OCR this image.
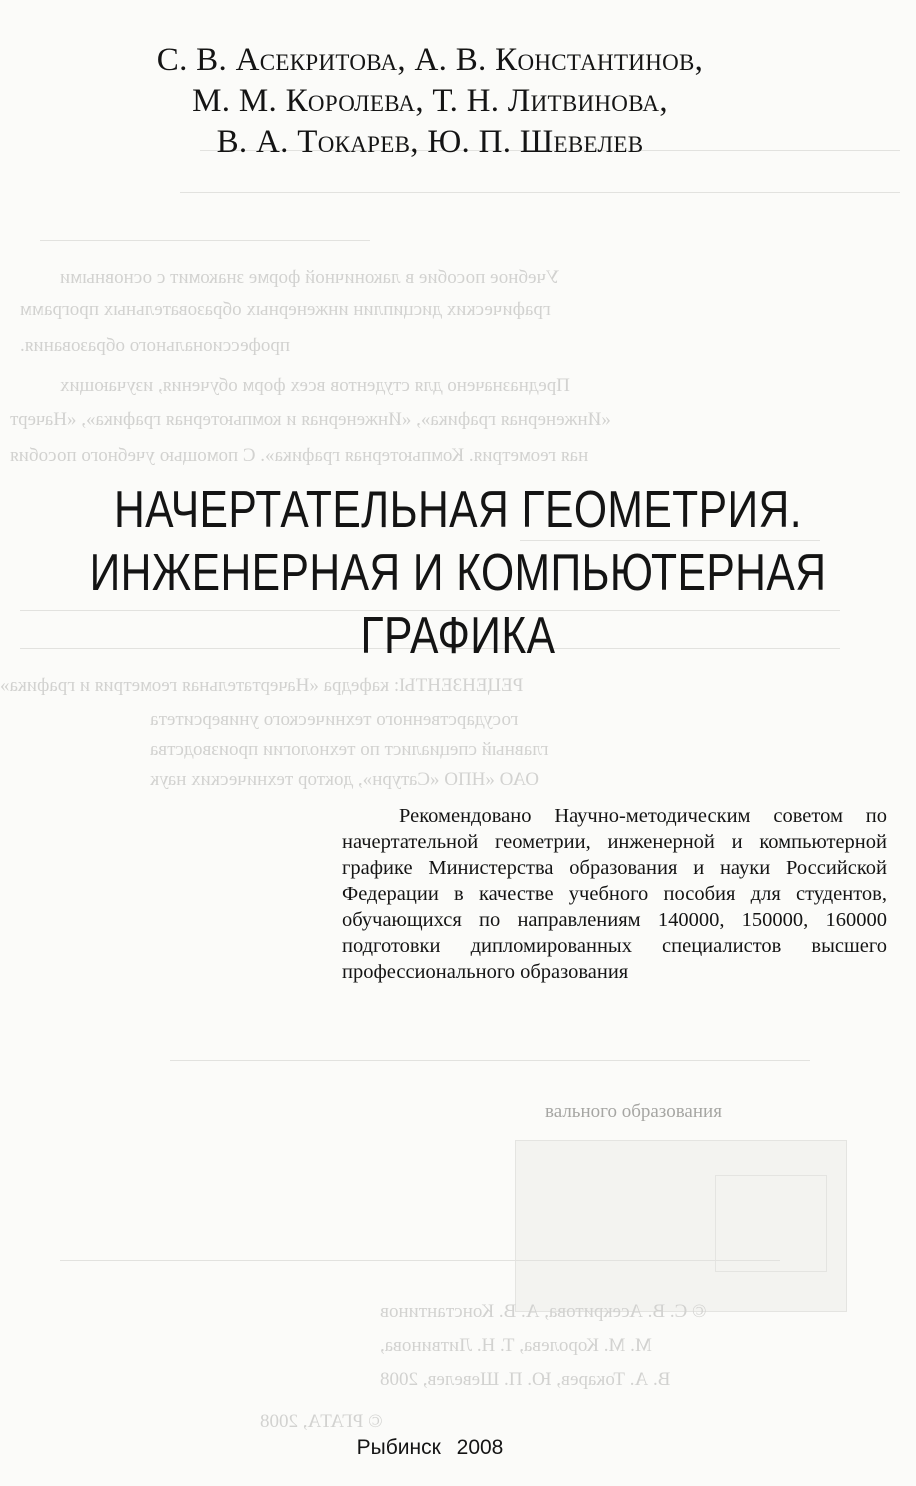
Учебное пособие в лаконичной форме знакомит с основными
графических дисциплин инженерных образовательных программ
профессионального образования.
Предназначено для студентов всех форм обучения, изучающих
«Инженерная графика», «Инженерная и компьютерная графика», «Начерт
ная геометрия. Компьютерная графика». С помощью учебного пособия
РЕЦЕНЗЕНТЫ: кафедра «Начертательная геометрия и графика»
государственного технического университета
главный специалист по технологии производства
ОАО «НПО «Сатурн», доктор технических наук
вального образования
© С. В. Асекритова, А. В. Константинов
М. М. Королева, Т. Н. Литвинова,
В. А. Токарев, Ю. П. Шевелев, 2008
© РГАТА, 2008
С. В. Асекритова, А. В. Константинов,
М. М. Королева, Т. Н. Литвинова,
В. А. Токарев, Ю. П. Шевелев
НАЧЕРТАТЕЛЬНАЯ ГЕОМЕТРИЯ.
ИНЖЕНЕРНАЯ И КОМПЬЮТЕРНАЯ
ГРАФИКА
Рекомендовано Научно-методическим советом по начертательной геометрии, инженерной и компьютерной графике Министерства образования и науки Российской Федерации в качестве учебного пособия для студентов, обучающихся по направлениям 140000, 150000, 160000 подготовки дипломированных специалистов высшего профессионального образования
Рыбинск 2008
